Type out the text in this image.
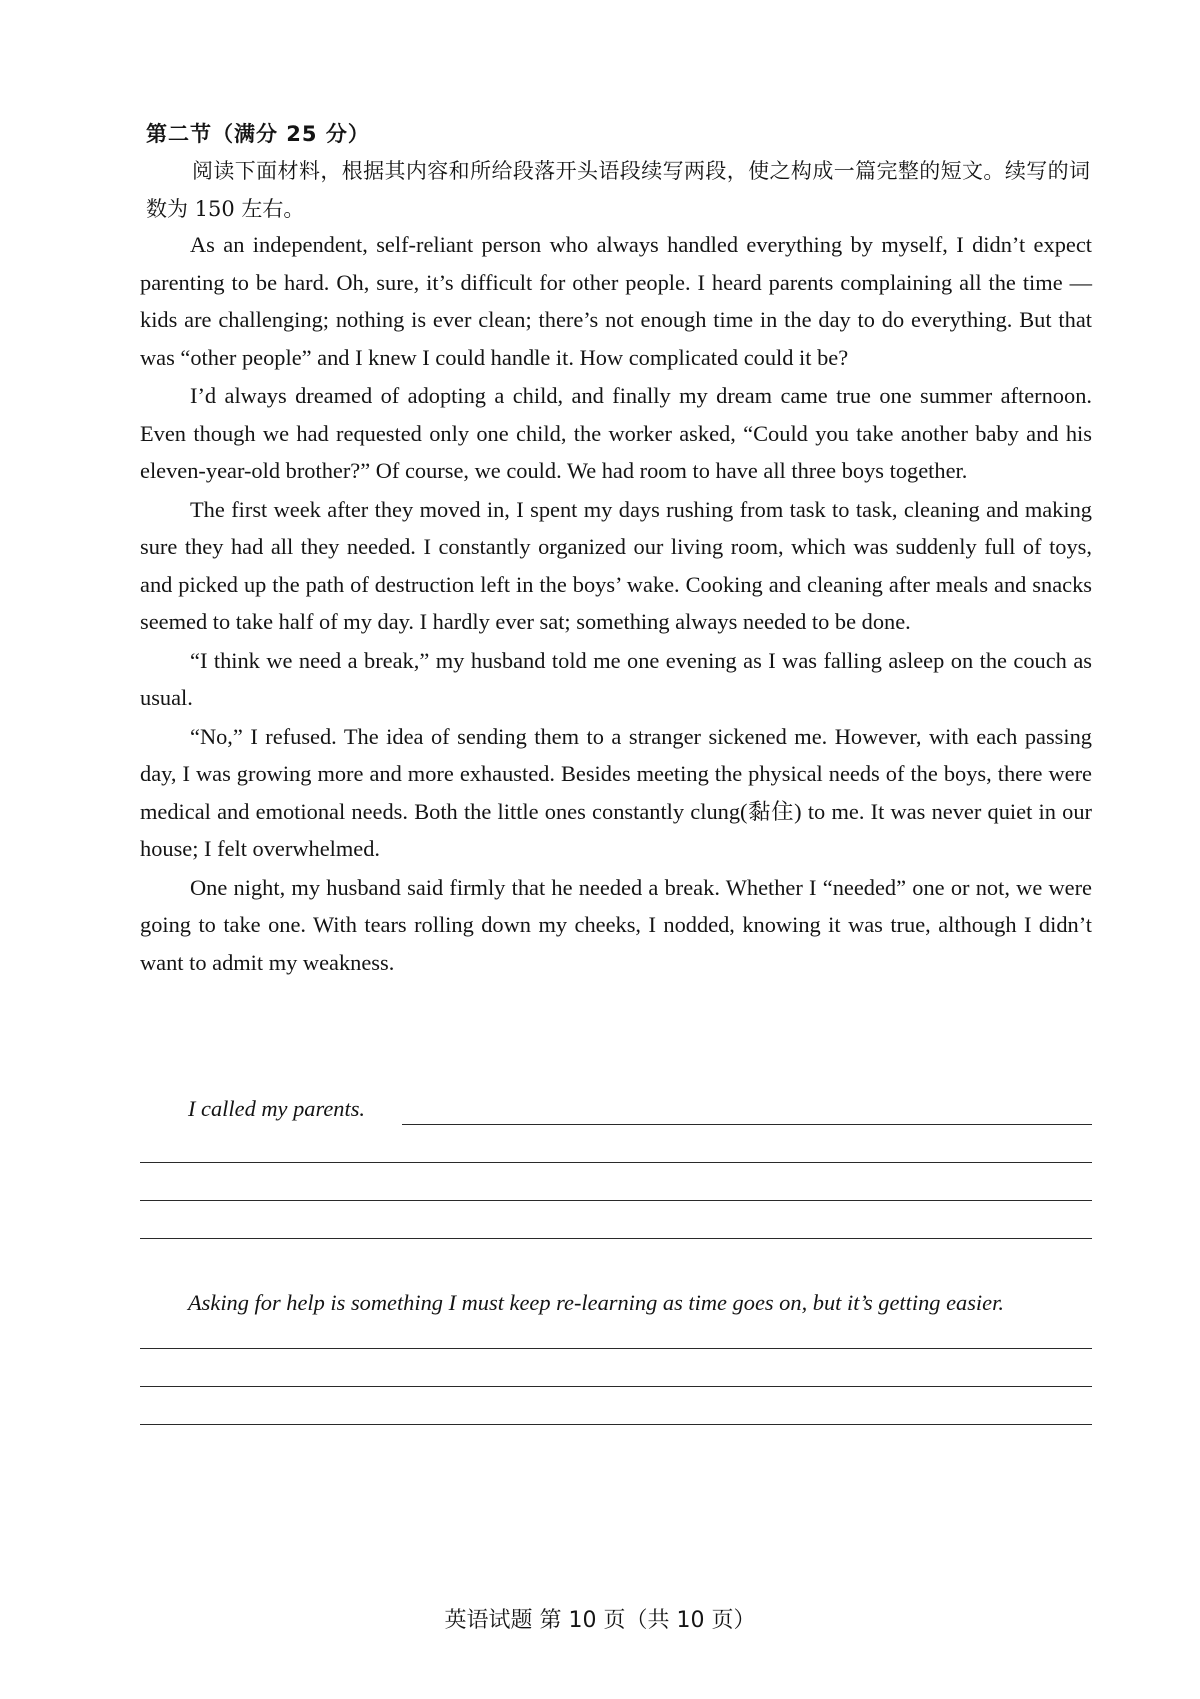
第二节（满分 25 分）
阅读下面材料，根据其内容和所给段落开头语段续写两段，使之构成一篇完整的短文。续写的词数为 150 左右。

As an independent, self-reliant person who always handled everything by myself, I didn’t expect parenting to be hard. Oh, sure, it’s difficult for other people. I heard parents complaining all the time — kids are challenging; nothing is ever clean; there’s not enough time in the day to do everything. But that was “other people” and I knew I could handle it. How complicated could it be?

I’d always dreamed of adopting a child, and finally my dream came true one summer afternoon. Even though we had requested only one child, the worker asked, “Could you take another baby and his eleven-year-old brother?” Of course, we could. We had room to have all three boys together.

The first week after they moved in, I spent my days rushing from task to task, cleaning and making sure they had all they needed. I constantly organized our living room, which was suddenly full of toys, and picked up the path of destruction left in the boys’ wake. Cooking and cleaning after meals and snacks seemed to take half of my day. I hardly ever sat; something always needed to be done.

“I think we need a break,” my husband told me one evening as I was falling asleep on the couch as usual.

“No,” I refused. The idea of sending them to a stranger sickened me. However, with each passing day, I was growing more and more exhausted. Besides meeting the physical needs of the boys, there were medical and emotional needs. Both the little ones constantly clung(黏住) to me. It was never quiet in our house; I felt overwhelmed.

One night, my husband said firmly that he needed a break. Whether I “needed” one or not, we were going to take one. With tears rolling down my cheeks, I nodded, knowing it was true, although I didn’t want to admit my weakness.

I called my parents.
Asking for help is something I must keep re-learning as time goes on, but it’s getting easier.
英语试题 第 10 页（共 10 页）
